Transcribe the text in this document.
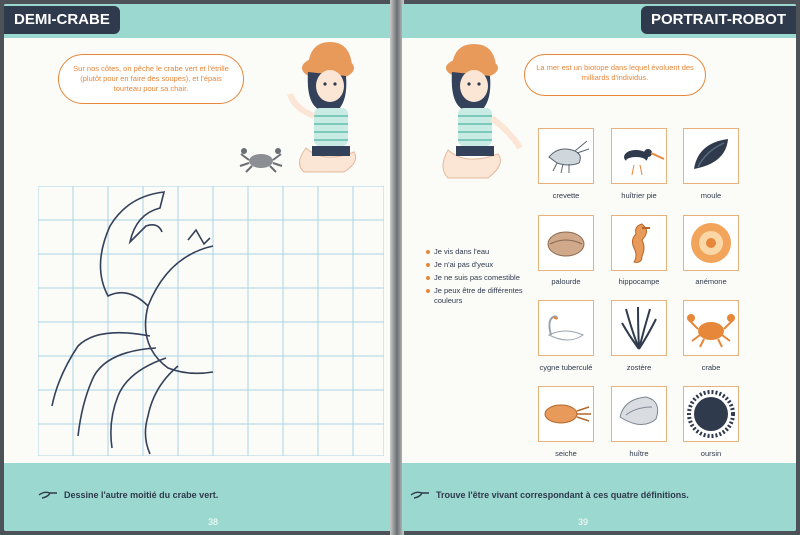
DEMI-CRABE
Sur nos côtes, on pêche le crabe vert et l'étrille (plutôt pour en faire des soupes), et l'épais tourteau pour sa chair.
Dessine l'autre moitié du crabe vert.
38
PORTRAIT-ROBOT
La mer est un biotope dans lequel évoluent des milliards d'individus.
Je vis dans l'eau
Je n'ai pas d'yeux
Je ne suis pas comestible
Je peux être de différentes couleurs
crevette	huîtrier pie	moule
palourde	hippocampe	anémone
cygne tuberculé	zostère	crabe
seiche	huître	oursin
Trouve l'être vivant correspondant à ces quatre définitions.
39
